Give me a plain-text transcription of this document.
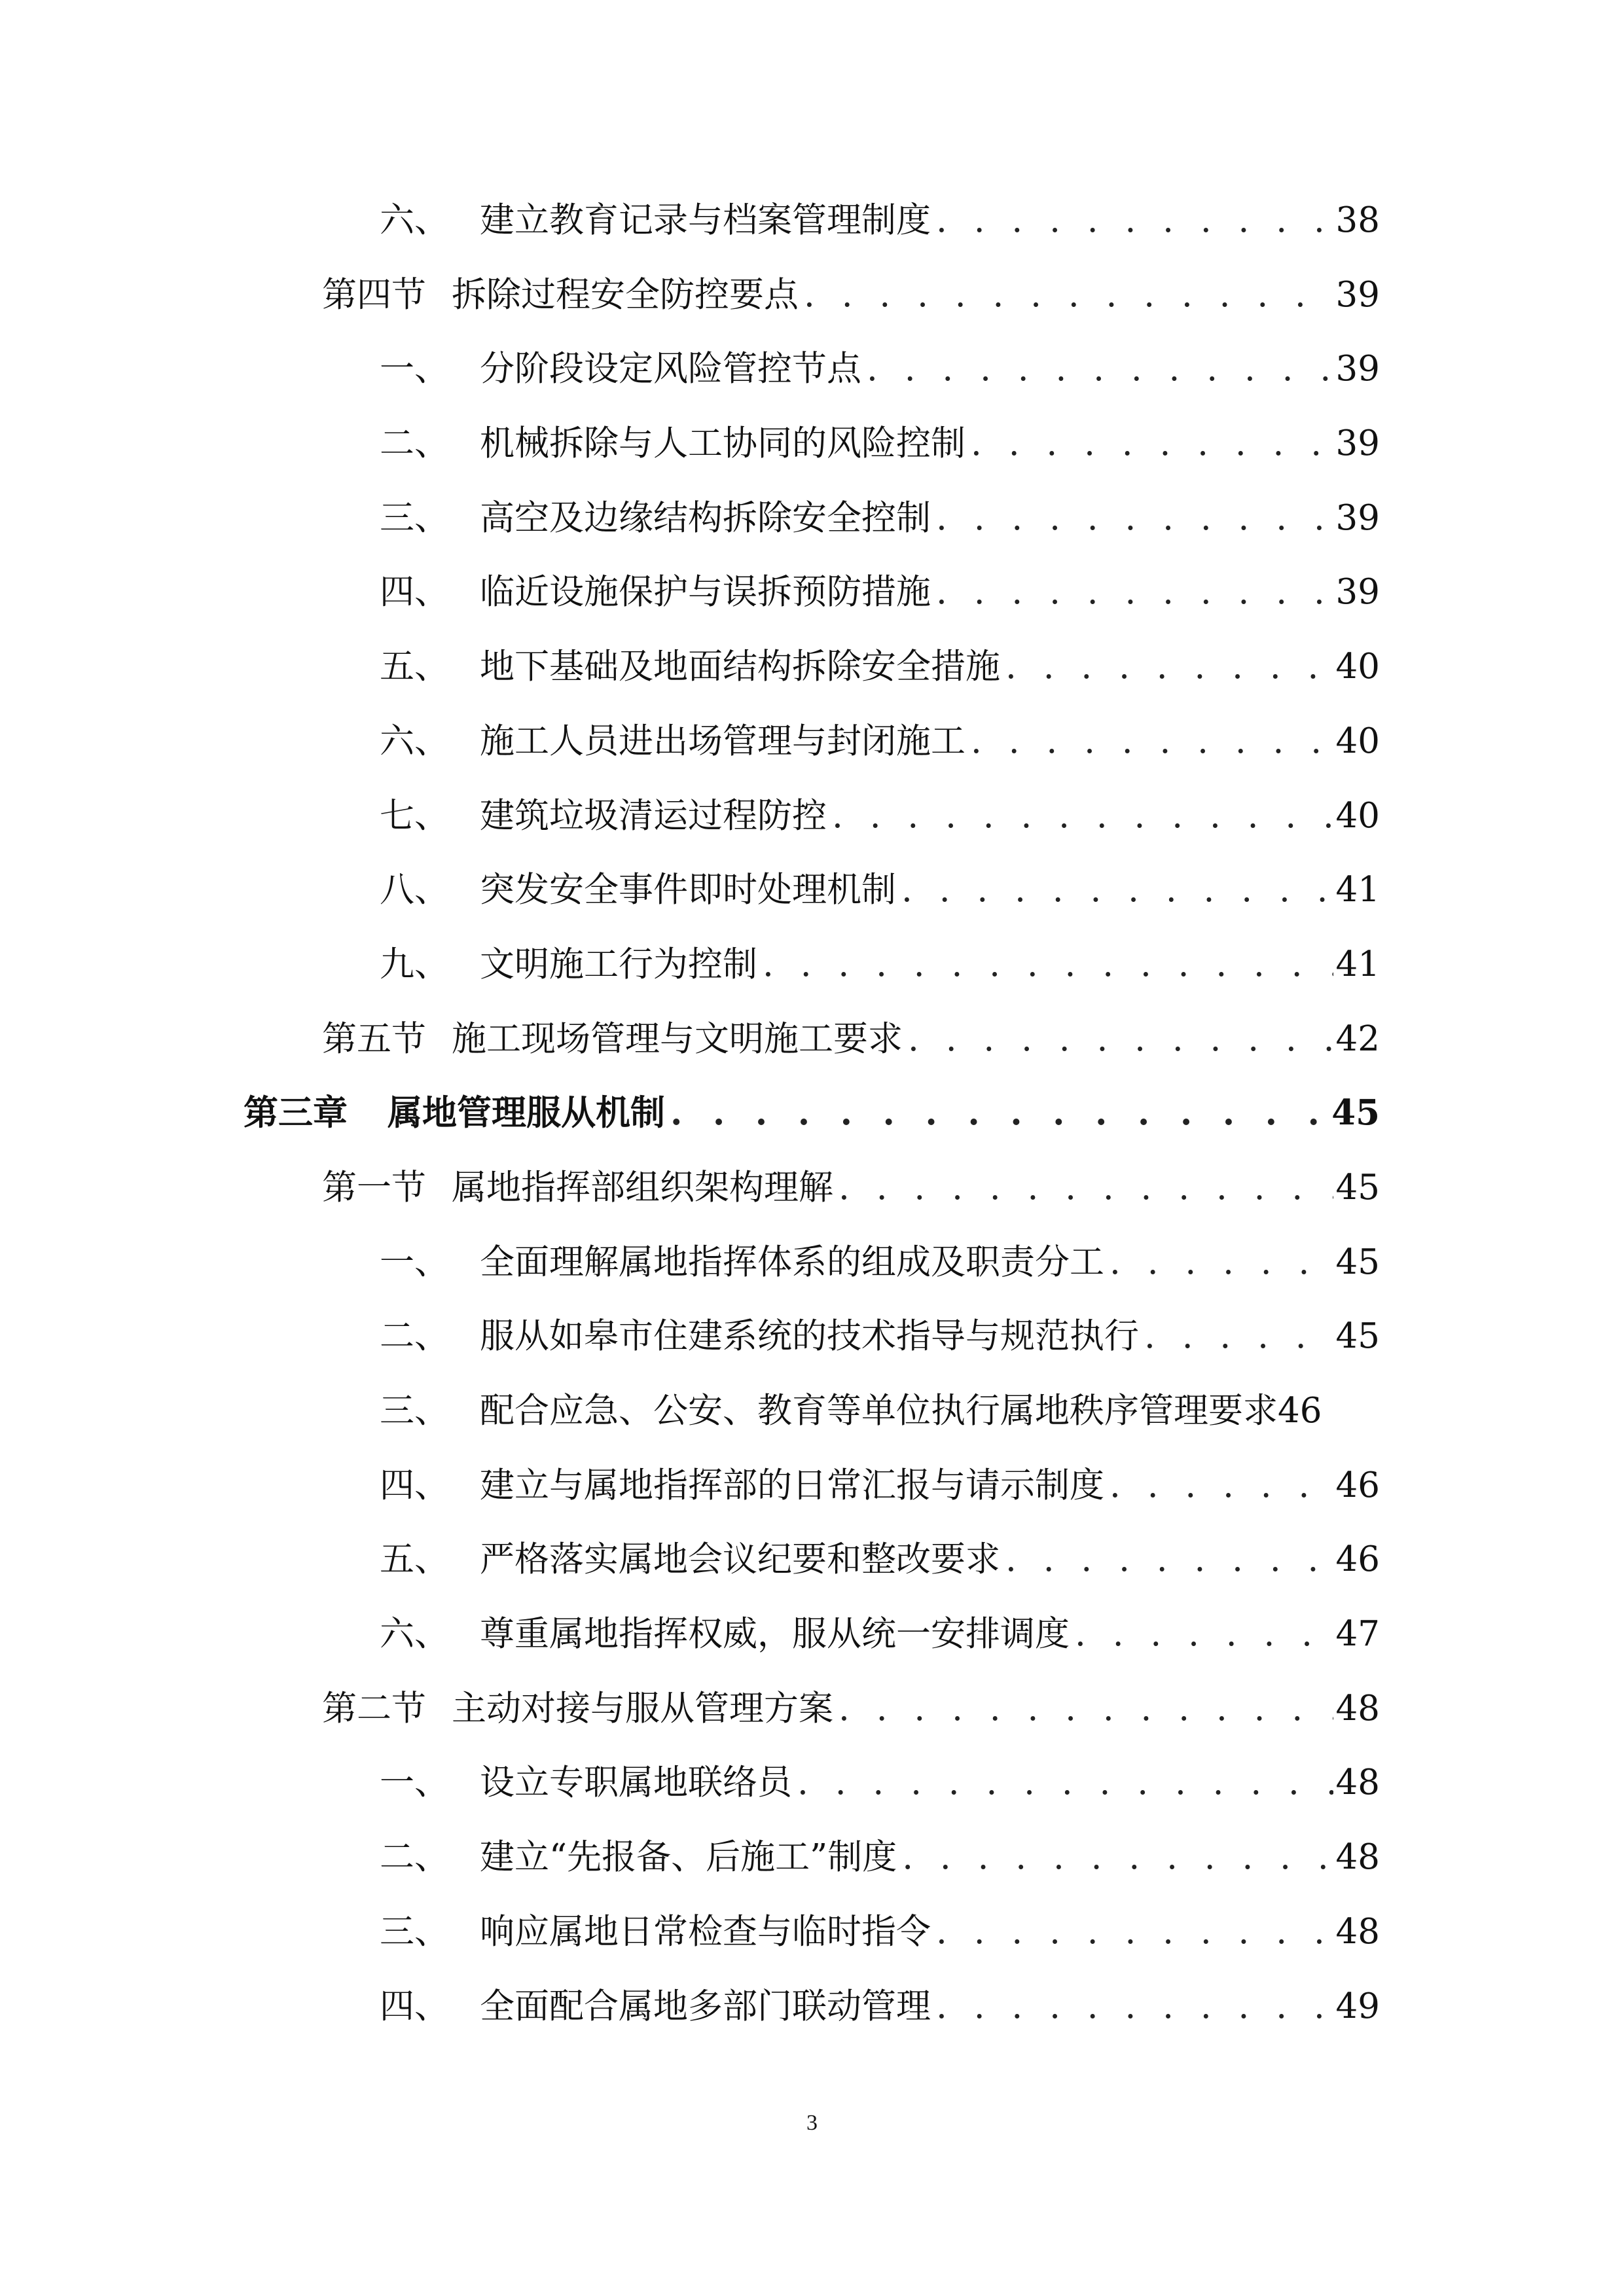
六、 建立教育记录与档案管理制度 . . .	38
第四节 拆除过程安全防控要点 . . .	39
一、 分阶段设定风险管控节点 . . .	39
二、 机械拆除与人工协同的风险控制 . . .	39
三、 高空及边缘结构拆除安全控制 . . .	39
四、 临近设施保护与误拆预防措施 . . .	39
五、 地下基础及地面结构拆除安全措施 . . .	40
六、 施工人员进出场管理与封闭施工 . . .	40
七、 建筑垃圾清运过程防控 . . .	40
八、 突发安全事件即时处理机制 . . .	41
九、 文明施工行为控制 . . .	41
第五节 施工现场管理与文明施工要求 . . .	42
第三章	属地管理服从机制 . . .	45
第一节 属地指挥部组织架构理解 . . .	45
一、 全面理解属地指挥体系的组成及职责分工 . . .	45
二、 服从如皋市住建系统的技术指导与规范执行 . . .	45
三、 配合应急、公安、教育等单位执行属地秩序管理要求 46
四、 建立与属地指挥部的日常汇报与请示制度 . . .	46
五、 严格落实属地会议纪要和整改要求 . . .	46
六、 尊重属地指挥权威，服从统一安排调度 . . .	47
第二节 主动对接与服从管理方案 . . .	48
一、 设立专职属地联络员 . . .	48
二、 建立“先报备、后施工”制度 . . .	48
三、 响应属地日常检查与临时指令 . . .	48
四、 全面配合属地多部门联动管理 . . .	49
3
